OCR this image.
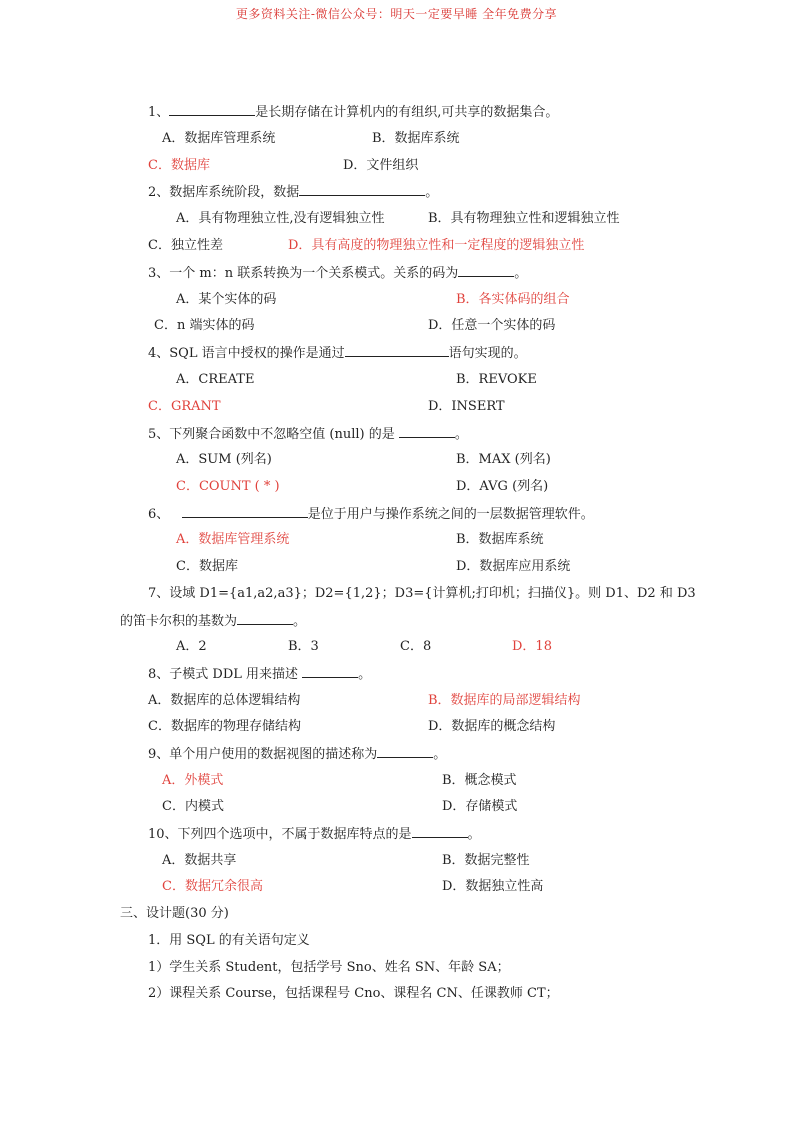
更多资料关注-微信公众号：明天一定要早睡 全年免费分享
1、	是长期存储在计算机内的有组织,可共享的数据集合。
A．数据库管理系统	B．数据库系统
C．数据库	D．文件组织
2、数据库系统阶段，数据	。
A．具有物理独立性,没有逻辑独立性	B．具有物理独立性和逻辑独立性
C．独立性差	D．具有高度的物理独立性和一定程度的逻辑独立性
3、一个 m：n 联系转换为一个关系模式。关系的码为	。
A．某个实体的码	B．各实体码的组合
C．n 端实体的码	D．任意一个实体的码
4、SQL 语言中授权的操作是通过	语句实现的。
A．CREATE	B．REVOKE
C．GRANT	D．INSERT
5、下列聚合函数中不忽略空值 (null) 的是	。
A．SUM (列名)	B．MAX (列名)
C．COUNT ( * )	D．AVG (列名)
6、	是位于用户与操作系统之间的一层数据管理软件。
A．数据库管理系统	B．数据库系统
C．数据库	D．数据库应用系统
7、设域 D1={a1,a2,a3}；D2={1,2}；D3={计算机;打印机；扫描仪}。则 D1、D2 和 D3
的笛卡尔积的基数为	。
A．2	B．3	C．8	D．18
8、子模式 DDL 用来描述	。
A．数据库的总体逻辑结构	B．数据库的局部逻辑结构
C．数据库的物理存储结构	D．数据库的概念结构
9、单个用户使用的数据视图的描述称为	。
A．外模式	B．概念模式
C．内模式	D．存储模式
10、下列四个选项中，不属于数据库特点的是	。
A．数据共享	B．数据完整性
C．数据冗余很高	D．数据独立性高
三、设计题(30 分)
1．用 SQL 的有关语句定义
1）学生关系 Student，包括学号 Sno、姓名 SN、年龄 SA；
2）课程关系 Course，包括课程号 Cno、课程名 CN、任课教师 CT；
